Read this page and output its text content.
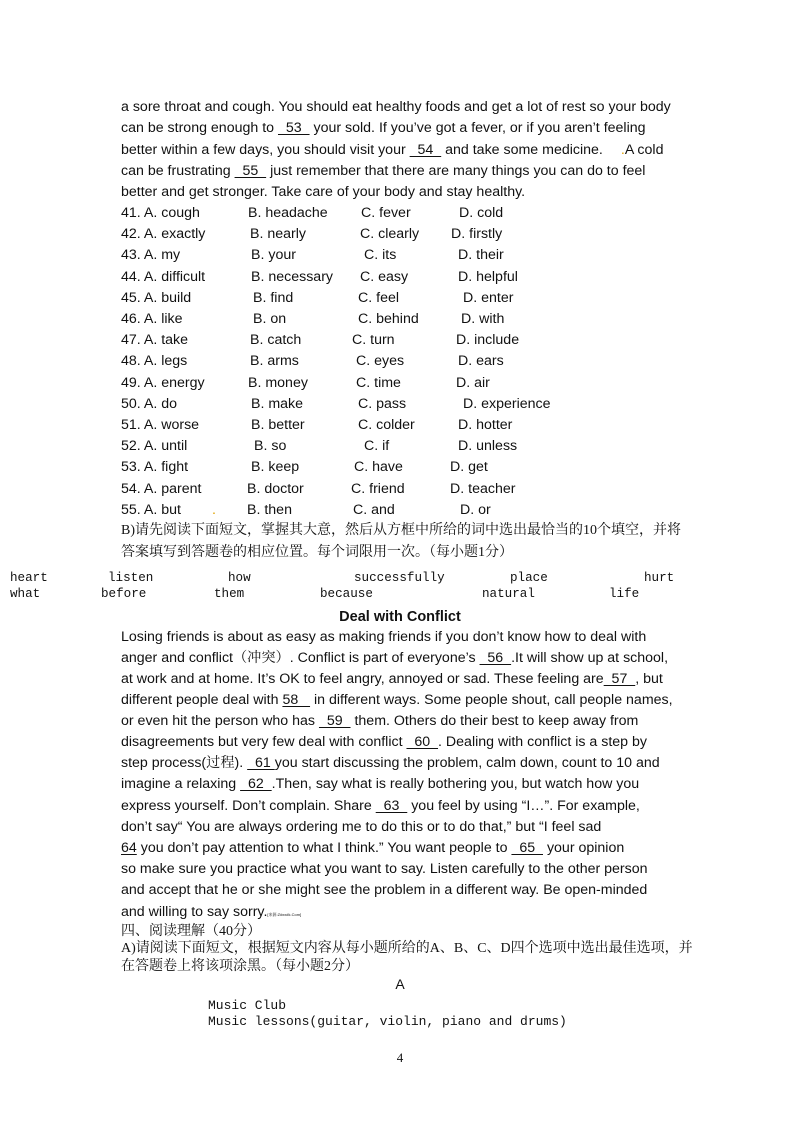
a sore throat and cough. You should eat healthy foods and get a lot of rest so your body
can be strong enough to   53   your sold. If you’ve got a fever, or if you aren’t feeling
better within a few days, you should visit your   54   and take some medicine. .A cold
can be frustrating   55   just remember that there are many things you can do to feel
better and get stronger. Take care of your body and stay healthy.
41. A. cough	B. headache C. fever	D. cold
42. A. exactly	B. nearly	C. clearly D. firstly
43. A. my	B. your	C. its	D. their
44. A. difficult	B. necessary C. easy	D. helpful
45. A. build	B. find	C. feel	D. enter
46. A. like	B. on	C. behind	D. with
47. A. take	B. catch	C. turn	D. include
48. A. legs	B. arms	C. eyes	D. ears
49. A. energy	B. money	C. time	D. air
50. A. do	B. make	C. pass	D. experience
51. A. worse	B. better	C. colder	D. hotter
52. A. until	B. so	C. if	D. unless
53. A. fight	B. keep	C. have	D. get
54. A. parent	B. doctor	C. friend	D. teacher
55. A. but	B. then	C. and	D. or
.
B)请先阅读下面短文，掌握其大意，然后从方框中所给的词中选出最恰当的10个填空，并将
答案填写到答题卷的相应位置。每个词限用一次。（每小题1分）
heart	listen	how	successfully	place	hurt
what	before	them	because	natural	life
Deal with Conflict
Losing friends is about as easy as making friends if you don’t know how to deal with
anger and conflict（冲突）. Conflict is part of everyone’s   56  .It will show up at school,
at work and at home. It’s OK to feel angry, annoyed or sad. These feeling are  57  , but
different people deal with 58    in different ways. Some people shout, call people names,
or even hit the person who has   59   them. Others do their best to keep away from
disagreements but very few deal with conflict   60  . Dealing with conflict is a step by
step process(过程).   61 you start discussing the problem, calm down, count to 10 and
imagine a relaxing   62  .Then, say what is really bothering you, but watch how you
express yourself. Don’t complain. Share   63   you feel by using “I…”. For example,
don’t say“ You are always ordering me to do this or to do that,” but “I feel sad
64 you don’t pay attention to what I think.” You want people to   65   your opinion
so make sure you practice what you want to say. Listen carefully to the other person
and accept that he or she might see the problem in a different way. Be open-minded
and willing to say sorry.[来源:Z#xx#k.Com]
四、阅读理解（40分）
A)请阅读下面短文，根据短文内容从每小题所给的A、B、C、D四个选项中选出最佳选项，并
在答题卷上将该项涂黑。（每小题2分）
A
Music Club
Music lessons(guitar, violin, piano and drums)
4
